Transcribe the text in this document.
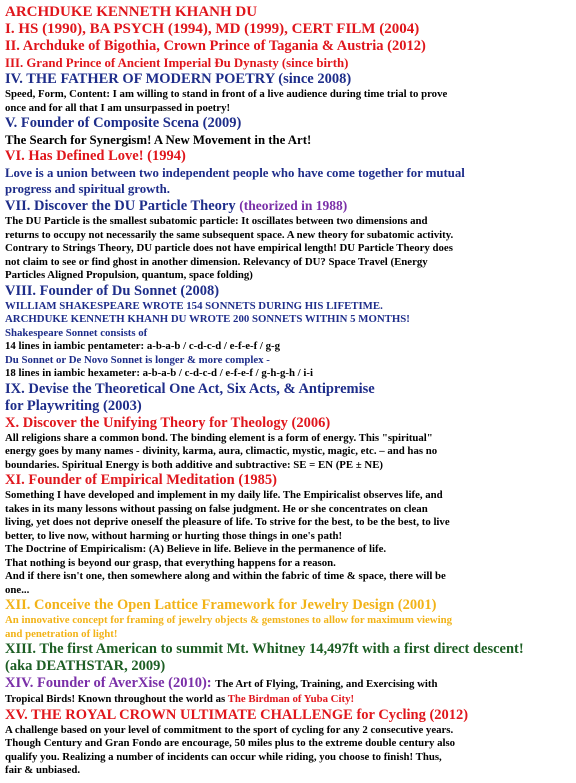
ARCHDUKE KENNETH KHANH DU
I. HS (1990), BA PSYCH (1994), MD (1999), CERT FILM (2004)
II. Archduke of Bigothia, Crown Prince of Tagania & Austria (2012)
III. Grand Prince of Ancient Imperial Đu Dynasty (since birth)
IV. THE FATHER OF MODERN POETRY (since 2008)
Speed, Form, Content: I am willing to stand in front of a live audience during time trial to prove
once and for all that I am unsurpassed in poetry!
V. Founder of Composite Scena (2009)
The Search for Synergism! A New Movement in the Art!
VI. Has Defined Love! (1994)
Love is a union between two independent people who have come together for mutual
progress and spiritual growth.
VII. Discover the DU Particle Theory (theorized in 1988)
The DU Particle is the smallest subatomic particle: It oscillates between two dimensions and
returns to occupy not necessarily the same subsequent space. A new theory for subatomic activity.
Contrary to Strings Theory, DU particle does not have empirical length! DU Particle Theory does
not claim to see or find ghost in another dimension. Relevancy of DU? Space Travel (Energy
Particles Aligned Propulsion, quantum, space folding)
VIII. Founder of Du Sonnet (2008)
WILLIAM SHAKESPEARE WROTE 154 SONNETS DURING HIS LIFETIME.
ARCHDUKE KENNETH KHANH DU WROTE 200 SONNETS WITHIN 5 MONTHS!
Shakespeare Sonnet consists of
14 lines in iambic pentameter: a-b-a-b / c-d-c-d / e-f-e-f / g-g
Du Sonnet or De Novo Sonnet is longer & more complex -
18 lines in iambic hexameter: a-b-a-b / c-d-c-d / e-f-e-f / g-h-g-h / i-i
IX. Devise the Theoretical One Act, Six Acts, & Antipremise
for Playwriting (2003)
X. Discover the Unifying Theory for Theology (2006)
All religions share a common bond. The binding element is a form of energy. This "spiritual"
energy goes by many names - divinity, karma, aura, climactic, mystic, magic, etc. – and has no
boundaries. Spiritual Energy is both additive and subtractive: SE = EN (PE ± NE)
XI. Founder of Empirical Meditation (1985)
Something I have developed and implement in my daily life. The Empiricalist observes life, and
takes in its many lessons without passing on false judgment. He or she concentrates on clean
living, yet does not deprive oneself the pleasure of life. To strive for the best, to be the best, to live
better, to live now, without harming or hurting those things in one's path!
The Doctrine of Empiricalism: (A) Believe in life. Believe in the permanence of life.
That nothing is beyond our grasp, that everything happens for a reason.
And if there isn't one, then somewhere along and within the fabric of time & space, there will be
one...
XII. Conceive the Open Lattice Framework for Jewelry Design (2001)
An innovative concept for framing of jewelry objects & gemstones to allow for maximum viewing
and penetration of light!
XIII. The first American to summit Mt. Whitney 14,497ft with a first direct descent!
(aka DEATHSTAR, 2009)
XIV. Founder of AverXise (2010): The Art of Flying, Training, and Exercising with
Tropical Birds! Known throughout the world as The Birdman of Yuba City!
XV. THE ROYAL CROWN ULTIMATE CHALLENGE for Cycling (2012)
A challenge based on your level of commitment to the sport of cycling for any 2 consecutive years.
Though Century and Gran Fondo are encourage, 50 miles plus to the extreme double century also
qualify you. Realizing a number of incidents can occur while riding, you choose to finish! Thus,
fair & unbiased.
